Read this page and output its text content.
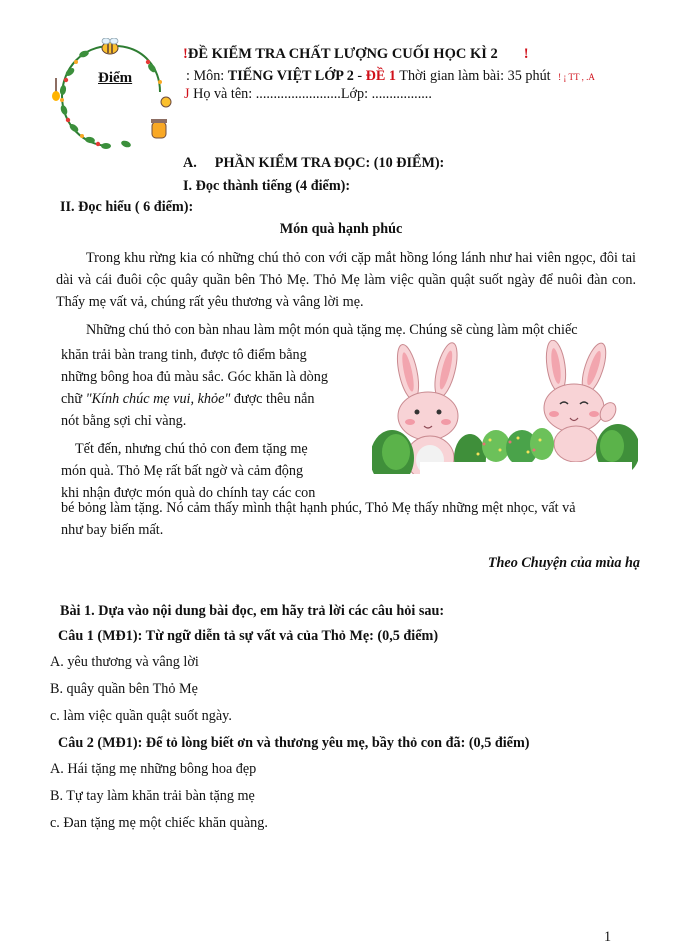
Điểm
!ĐỀ KIỂM TRA CHẤT LƯỢNG CUỐI HỌC KÌ 2 !
: Môn: TIẾNG VIỆT LỚP 2 - ĐỀ 1 Thời gian làm bài: 35 phút ! ¡ TT , .A
J Họ và tên: ........................Lớp: .................
A. PHẦN KIỂM TRA ĐỌC: (10 ĐIỂM):
I. Đọc thành tiếng (4 điểm):
II. Đọc hiểu ( 6 điểm):
Món quà hạnh phúc
Trong khu rừng kia có những chú thỏ con với cặp mắt hồng lóng lánh như hai viên ngọc, đôi tai dài và cái đuôi cộc quây quần bên Thỏ Mẹ. Thỏ Mẹ làm việc quần quật suốt ngày để nuôi đàn con. Thấy mẹ vất vả, chúng rất yêu thương và vâng lời mẹ.
Những chú thỏ con bàn nhau làm một món quà tặng mẹ. Chúng sẽ cùng làm một chiếc
khăn trải bàn trang tinh, được tô điểm bằng
những bông hoa đủ màu sắc. Góc khăn là dòng
chữ "Kính chúc mẹ vui, khỏe" được thêu nắn
nót bằng sợi chỉ vàng.
Tết đến, nhưng chú thỏ con đem tặng mẹ
món quà. Thỏ Mẹ rất bất ngờ và cảm động
khi nhận được món quà do chính tay các con
bé bỏng làm tặng. Nó cảm thấy mình thật hạnh phúc, Thỏ Mẹ thấy những mệt nhọc, vất vả
như bay biến mất.
Theo Chuyện của mùa hạ
Bài 1. Dựa vào nội dung bài đọc, em hãy trả lời các câu hỏi sau:
Câu 1 (MĐ1): Từ ngữ diễn tả sự vất vả của Thỏ Mẹ: (0,5 điểm)
A. yêu thương và vâng lời
B. quây quần bên Thỏ Mẹ
c. làm việc quần quật suốt ngày.
Câu 2 (MĐ1): Để tỏ lòng biết ơn và thương yêu mẹ, bầy thỏ con đã: (0,5 điểm)
A. Hái tặng mẹ những bông hoa đẹp
B. Tự tay làm khăn trải bàn tặng mẹ
c. Đan tặng mẹ một chiếc khăn quàng.
1
